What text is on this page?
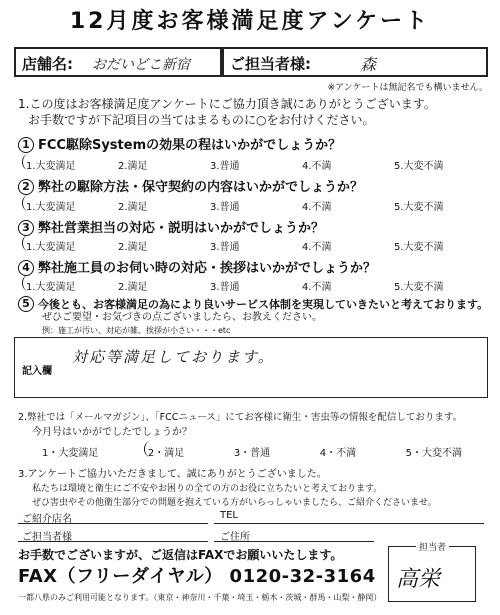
12月度お客様満足度アンケート
店舗名: おだいどこ新宿	ご担当者様:	森
※アンケートは無記名でも構いません。
1.この度はお客様満足度アンケートにご協力頂き誠にありがとうございます。
お手数ですが下記項目の当てはまるものに○をお付けください。
1 FCC駆除Systemの効果の程はいかがでしょうか？
1.大変満足	2.満足	3.普通	4.不満	5.大変不満
2 弊社の駆除方法・保守契約の内容はいかがでしょうか？
1.大変満足	2.満足	3.普通	4.不満	5.大変不満
3 弊社営業担当の対応・説明はいかがでしょうか？
1.大変満足	2.満足	3.普通	4.不満	5.大変不満
4 弊社施工員のお伺い時の対応・挨拶はいかがでしょうか？
1.大変満足	2.満足	3.普通	4.不満	5.大変不満
5 今後とも、お客様満足の為により良いサービス体制を実現していきたいと考えております。
ぜひご要望・お気づきの点ございましたら、お教えください。
例：施工が汚い、対応が雑、挨拶が小さい・・・etc
記入欄
対応等満足しております。
2.弊社では「メールマガジン」、「FCCニュース」にてお客様に衛生・害虫等の情報を配信しております。
今月号はいかがでしたでしょうか？
1・大変満足	2・満足	3・普通	4・不満	5・大変不満
3.アンケートご協力いただきまして、誠にありがとうございました。
私たちは環境と衛生にご不安やお困りの全ての方のお役に立ちたいと考えております。
ぜひ害虫やその他衛生部分での問題を抱えている方がいらっしゃいましたら、ご紹介くださいませ。
ご紹介店名	TEL
ご担当者様	ご住所
お手数でございますが、ご返信はFAXでお願いいたします。
FAX（フリーダイヤル） 0120-32-3164
一都八県のみご利用可能となります。（東京・神奈川・千葉・埼玉・栃木・茨城・群馬・山梨・静岡）
担当者
高栄
